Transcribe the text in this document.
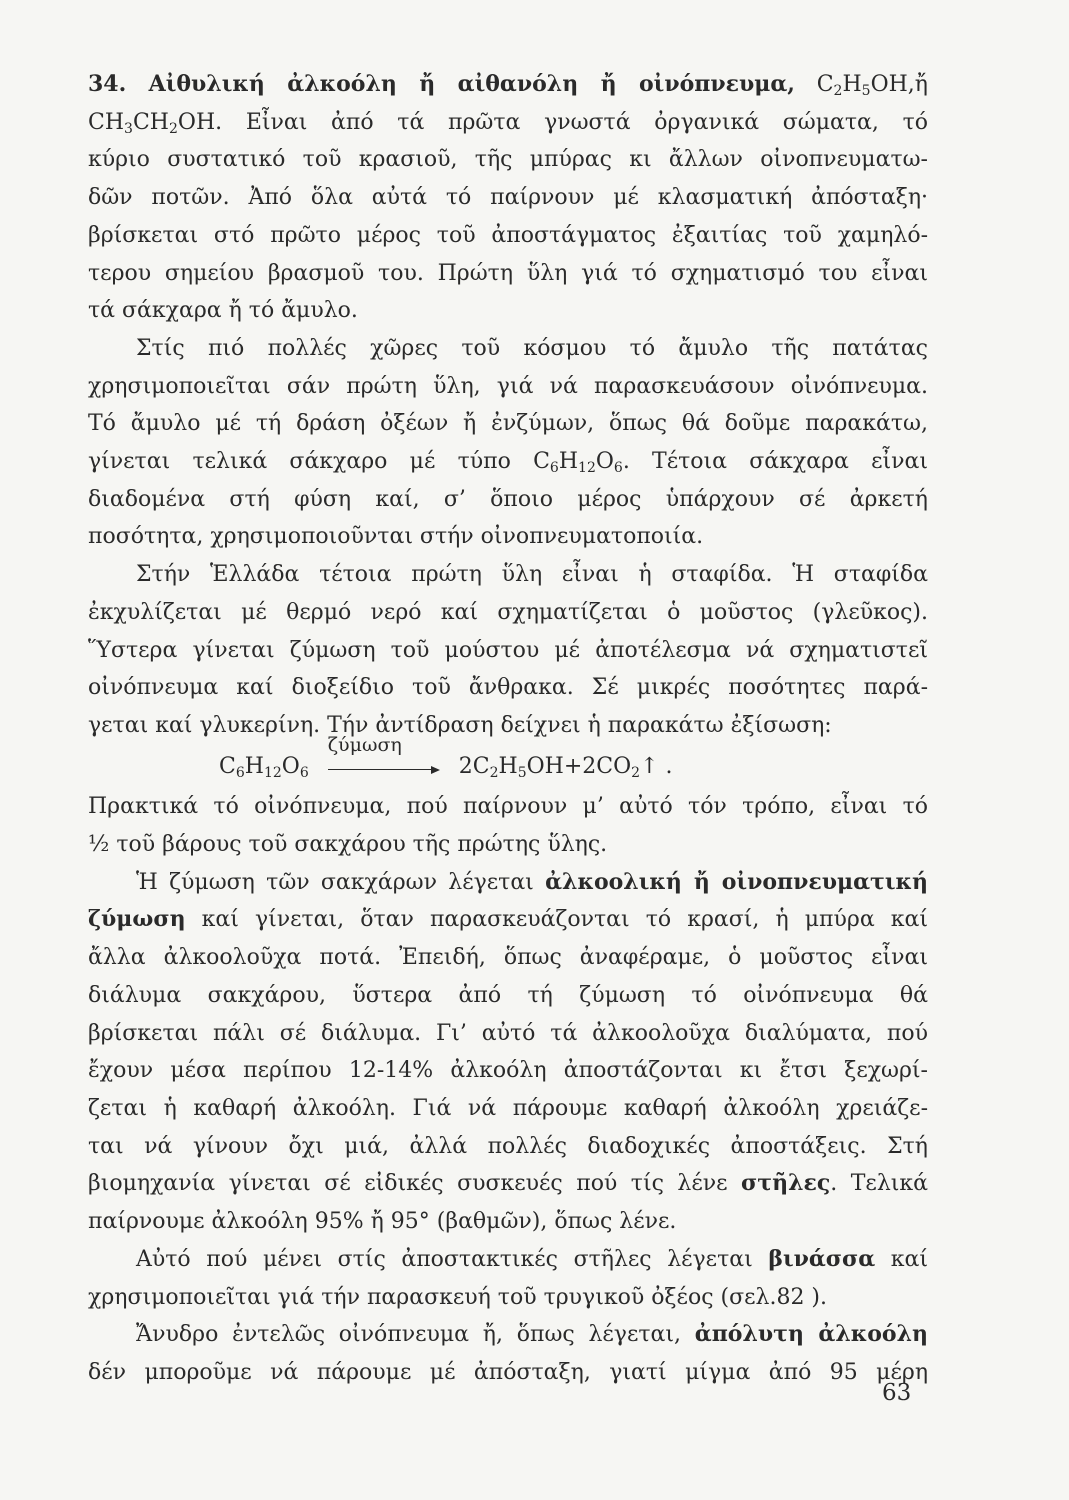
34. Αἰθυλική ἀλκοόλη ἤ αἰθανόλη ἤ οἰνόπνευμα, $C_2H_5OH,ἤ$
$CH_3CH_2OH$. Εἶναι ἀπό τά πρῶτα γνωστά ὀργανικά σώματα, τό
κύριο συστατικό τοῦ κρασιοῦ, τῆς μπύρας κι ἄλλων οἰνοπνευματω-
δῶν ποτῶν. Ἀπό ὅλα αὐτά τό παίρνουν μέ κλασματική ἀπόσταξη·
βρίσκεται στό πρῶτο μέρος τοῦ ἀποστάγματος ἐξαιτίας τοῦ χαμηλό-
τερου σημείου βρασμοῦ του. Πρώτη ὕλη γιά τό σχηματισμό του εἶναι
τά σάκχαρα ἤ τό ἄμυλο.
Στίς πιό πολλές χῶρες τοῦ κόσμου τό ἄμυλο τῆς πατάτας
χρησιμοποιεῖται σάν πρώτη ὕλη, γιά νά παρασκευάσουν οἰνόπνευμα.
Τό ἄμυλο μέ τή δράση ὀξέων ἤ ἐνζύμων, ὅπως θά δοῦμε παρακάτω,
γίνεται τελικά σάκχαρο μέ τύπο $C_6H_{12}O_6$. Τέτοια σάκχαρα εἶναι
διαδομένα στή φύση καί, σ’ ὅποιο μέρος ὑπάρχουν σέ ἀρκετή
ποσότητα, χρησιμοποιοῦνται στήν οἰνοπνευματοποιία.
Στήν Ἑλλάδα τέτοια πρώτη ὕλη εἶναι ἡ σταφίδα. Ἡ σταφίδα
ἐκχυλίζεται μέ θερμό νερό καί σχηματίζεται ὁ μοῦστος (γλεῦκος).
Ὕστερα γίνεται ζύμωση τοῦ μούστου μέ ἀποτέλεσμα νά σχηματιστεῖ
οἰνόπνευμα καί διοξείδιο τοῦ ἄνθρακα. Σέ μικρές ποσότητες παρά-
γεται καί γλυκερίνη. Τήν ἀντίδραση δείχνει ἡ παρακάτω ἐξίσωση:
$C_6H_{12}O_6$
ζύμωση
$2C_2H_5OH+2CO_2↑$ .
Πρακτικά τό οἰνόπνευμα, πού παίρνουν μ’ αὐτό τόν τρόπο, εἶναι τό
½ τοῦ βάρους τοῦ σακχάρου τῆς πρώτης ὕλης.
Ἡ ζύμωση τῶν σακχάρων λέγεται ἀλκοολική ἤ οἰνοπνευματική
ζύμωση καί γίνεται, ὅταν παρασκευάζονται τό κρασί, ἡ μπύρα καί
ἄλλα ἀλκοολοῦχα ποτά. Ἐπειδή, ὅπως ἀναφέραμε, ὁ μοῦστος εἶναι
διάλυμα σακχάρου, ὕστερα ἀπό τή ζύμωση τό οἰνόπνευμα θά
βρίσκεται πάλι σέ διάλυμα. Γι’ αὐτό τά ἀλκοολοῦχα διαλύματα, πού
ἔχουν μέσα περίπου 12-14% ἀλκοόλη ἀποστάζονται κι ἔτσι ξεχωρί-
ζεται ἡ καθαρή ἀλκοόλη. Γιά νά πάρουμε καθαρή ἀλκοόλη χρειάζε-
ται νά γίνουν ὄχι μιά, ἀλλά πολλές διαδοχικές ἀποστάξεις. Στή
βιομηχανία γίνεται σέ εἰδικές συσκευές πού τίς λένε στῆλες. Τελικά
παίρνουμε ἀλκοόλη 95% ἤ 95° (βαθμῶν), ὅπως λένε.
Αὐτό πού μένει στίς ἀποστακτικές στῆλες λέγεται βινάσσα καί
χρησιμοποιεῖται γιά τήν παρασκευή τοῦ τρυγικοῦ ὀξέος (σελ.82 ).
Ἄνυδρο ἐντελῶς οἰνόπνευμα ἤ, ὅπως λέγεται, ἀπόλυτη ἀλκοόλη
δέν μποροῦμε νά πάρουμε μέ ἀπόσταξη, γιατί μίγμα ἀπό 95 μέρη
63
